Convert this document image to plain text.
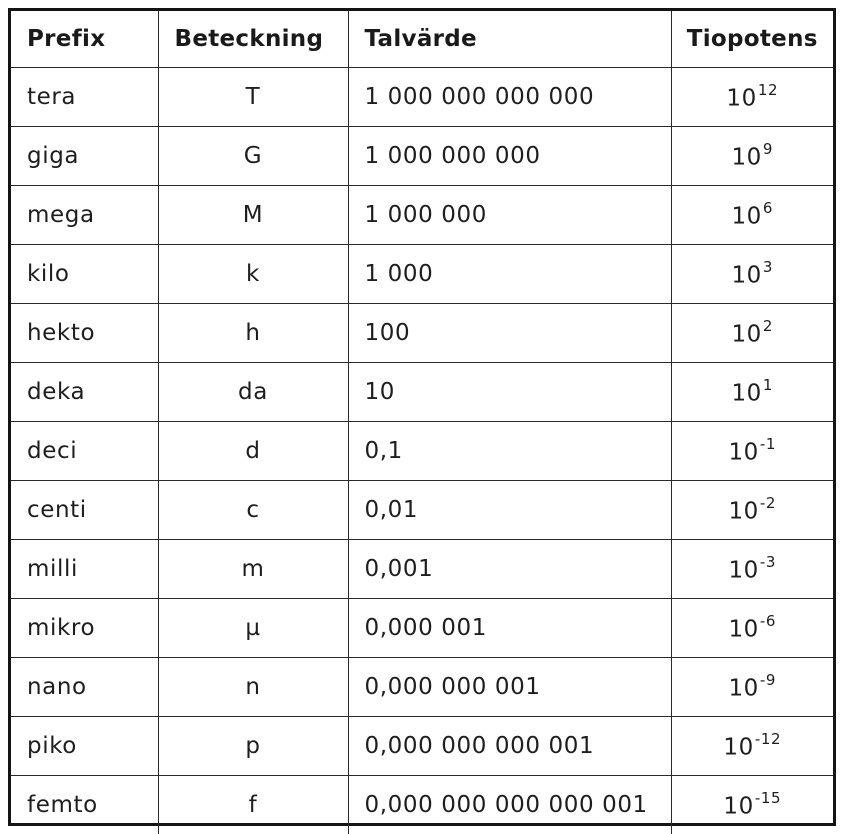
Prefix	Beteckning	Talvärde	Tiopotens
tera	T	1 000 000 000 000	$10^{12}$
giga	G	1 000 000 000	$10^9$
mega	M	1 000 000	$10^6$
kilo	k	1 000	$10^3$
hekto	h	100	$10^2$
deka	da	10	$10^1$
deci	d	0,1	$10^{-1}$
centi	c	0,01	$10^{-2}$
milli	m	0,001	$10^{-3}$
mikro	µ	0,000 001	$10^{-6}$
nano	n	0,000 000 001	$10^{-9}$
piko	p	0,000 000 000 001	$10^{-12}$
femto	f	0,000 000 000 000 001	$10^{-15}$
